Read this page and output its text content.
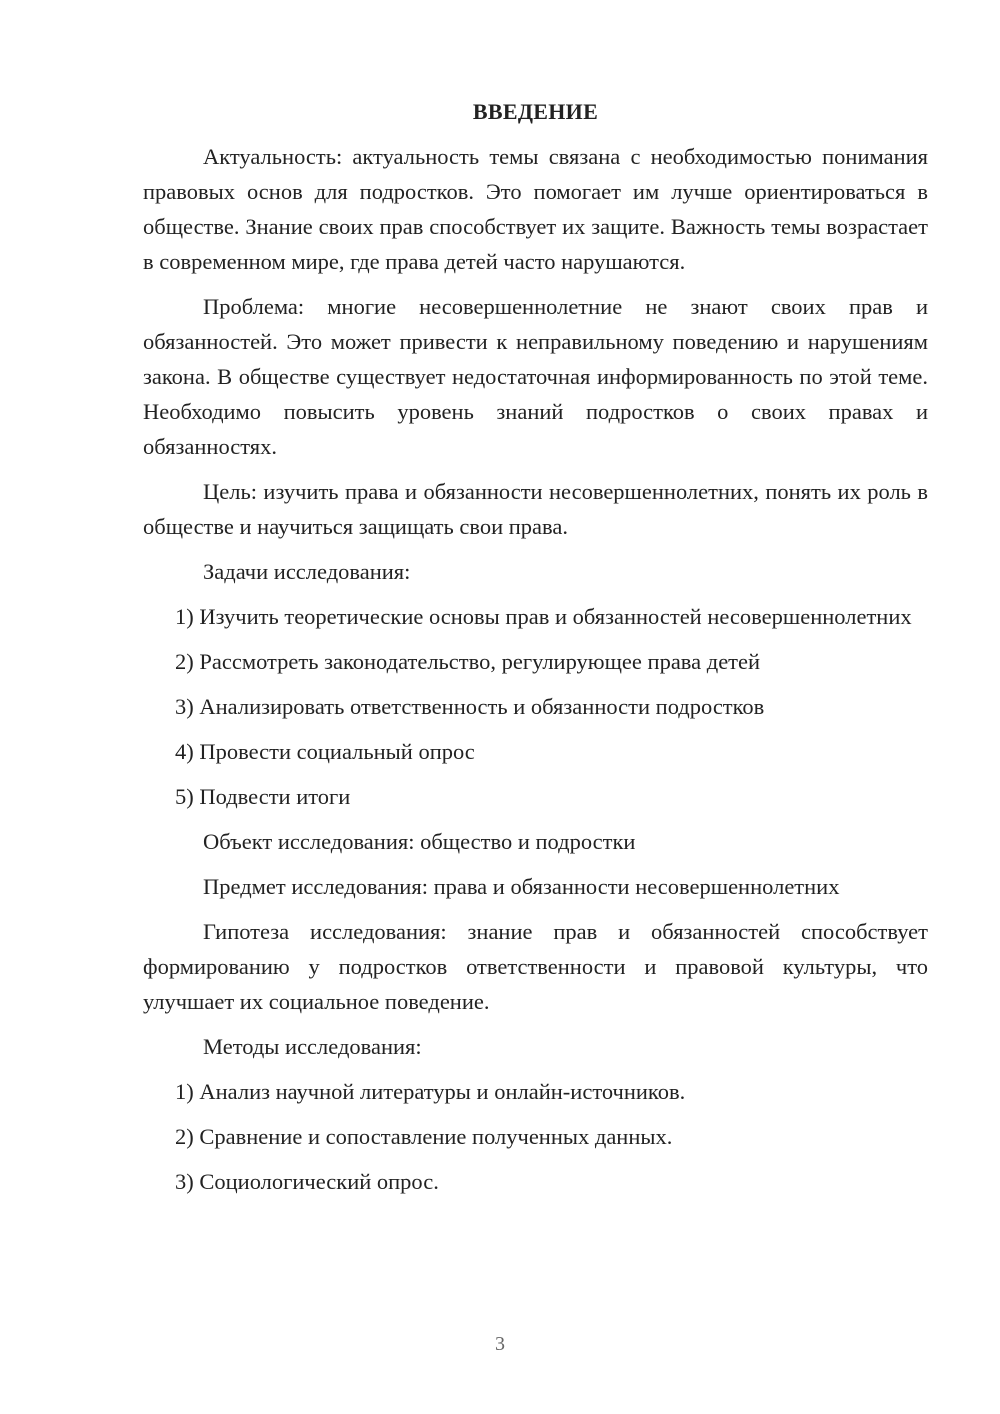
ВВЕДЕНИЕ

Актуальность: актуальность темы связана с необходимостью понимания правовых основ для подростков. Это помогает им лучше ориентироваться в обществе. Знание своих прав способствует их защите. Важность темы возрастает в современном мире, где права детей часто нарушаются.

Проблема: многие несовершеннолетние не знают своих прав и обязанностей. Это может привести к неправильному поведению и нарушениям закона. В обществе существует недостаточная информированность по этой теме. Необходимо повысить уровень знаний подростков о своих правах и обязанностях.

Цель: изучить права и обязанности несовершеннолетних, понять их роль в обществе и научиться защищать свои права.

Задачи исследования:

1) Изучить теоретические основы прав и обязанностей несовершеннолетних

2) Рассмотреть законодательство, регулирующее права детей

3) Анализировать ответственность и обязанности подростков

4) Провести социальный опрос

5) Подвести итоги

Объект исследования: общество и подростки

Предмет исследования: права и обязанности несовершеннолетних

Гипотеза исследования: знание прав и обязанностей способствует формированию у подростков ответственности и правовой культуры, что улучшает их социальное поведение.

Методы исследования:

1) Анализ научной литературы и онлайн-источников.

2) Сравнение и сопоставление полученных данных.

3) Социологический опрос.

3
